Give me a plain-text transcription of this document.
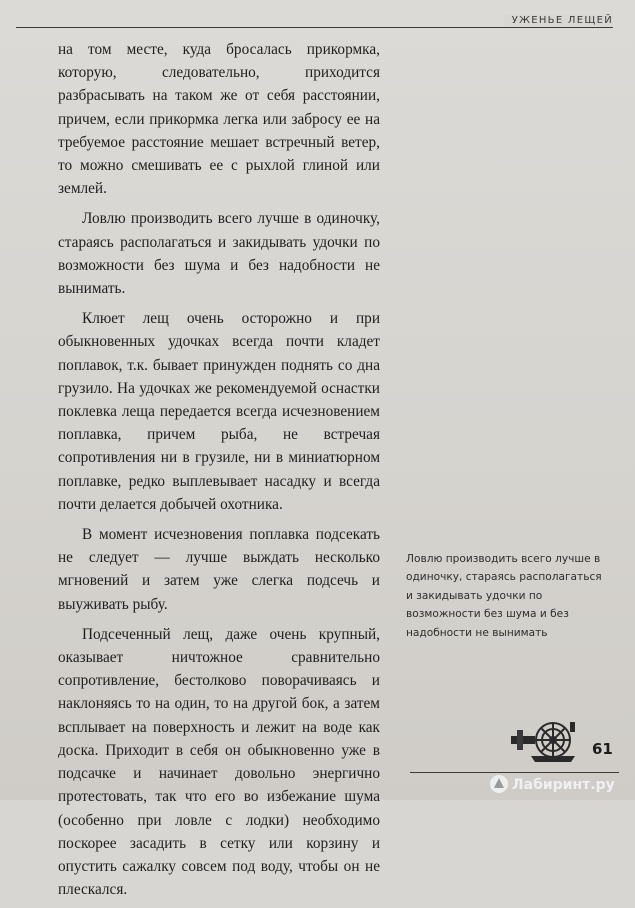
УЖЕНЬЕ ЛЕЩЕЙ

на том месте, куда бросалась прикормка, которую, следовательно, приходится разбрасывать на таком же от себя расстоянии, причем, если прикормка легка или забросу ее на требуемое расстояние мешает встречный ветер, то можно смешивать ее с рыхлой глиной или землей.

Ловлю производить всего лучше в одиночку, стараясь располагаться и закидывать удочки по возможности без шума и без надобности не вынимать.

Клюет лещ очень осторожно и при обыкновенных удочках всегда почти кладет поплавок, т.к. бывает принужден поднять со дна грузило. На удочках же рекомендуемой оснастки поклевка леща передается всегда исчезновением поплавка, причем рыба, не встречая сопротивления ни в грузиле, ни в миниатюрном поплавке, редко выплевывает насадку и всегда почти делается добычей охотника.

В момент исчезновения поплавка подсекать не следует — лучше выждать несколько мгновений и затем уже слегка подсечь и выуживать рыбу.

Подсеченный лещ, даже очень крупный, оказывает ничтожное сравнительно сопротивление, бестолково поворачиваясь и наклоняясь то на один, то на другой бок, а затем всплывает на поверхность и лежит на воде как доска. Приходит в себя он обыкновенно уже в подсачке и начинает довольно энергично протестовать, так что его во избежание шума (особенно при ловле с лодки) необходимо поскорее засадить в сетку или корзину и опустить сажалку совсем под воду, чтобы он не плескался.

Ловлю производить всего лучше в одиночку, стараясь располагаться и закидывать удочки по возможности без шума и без надобности не вынимать
61
Лабиринт.ру
